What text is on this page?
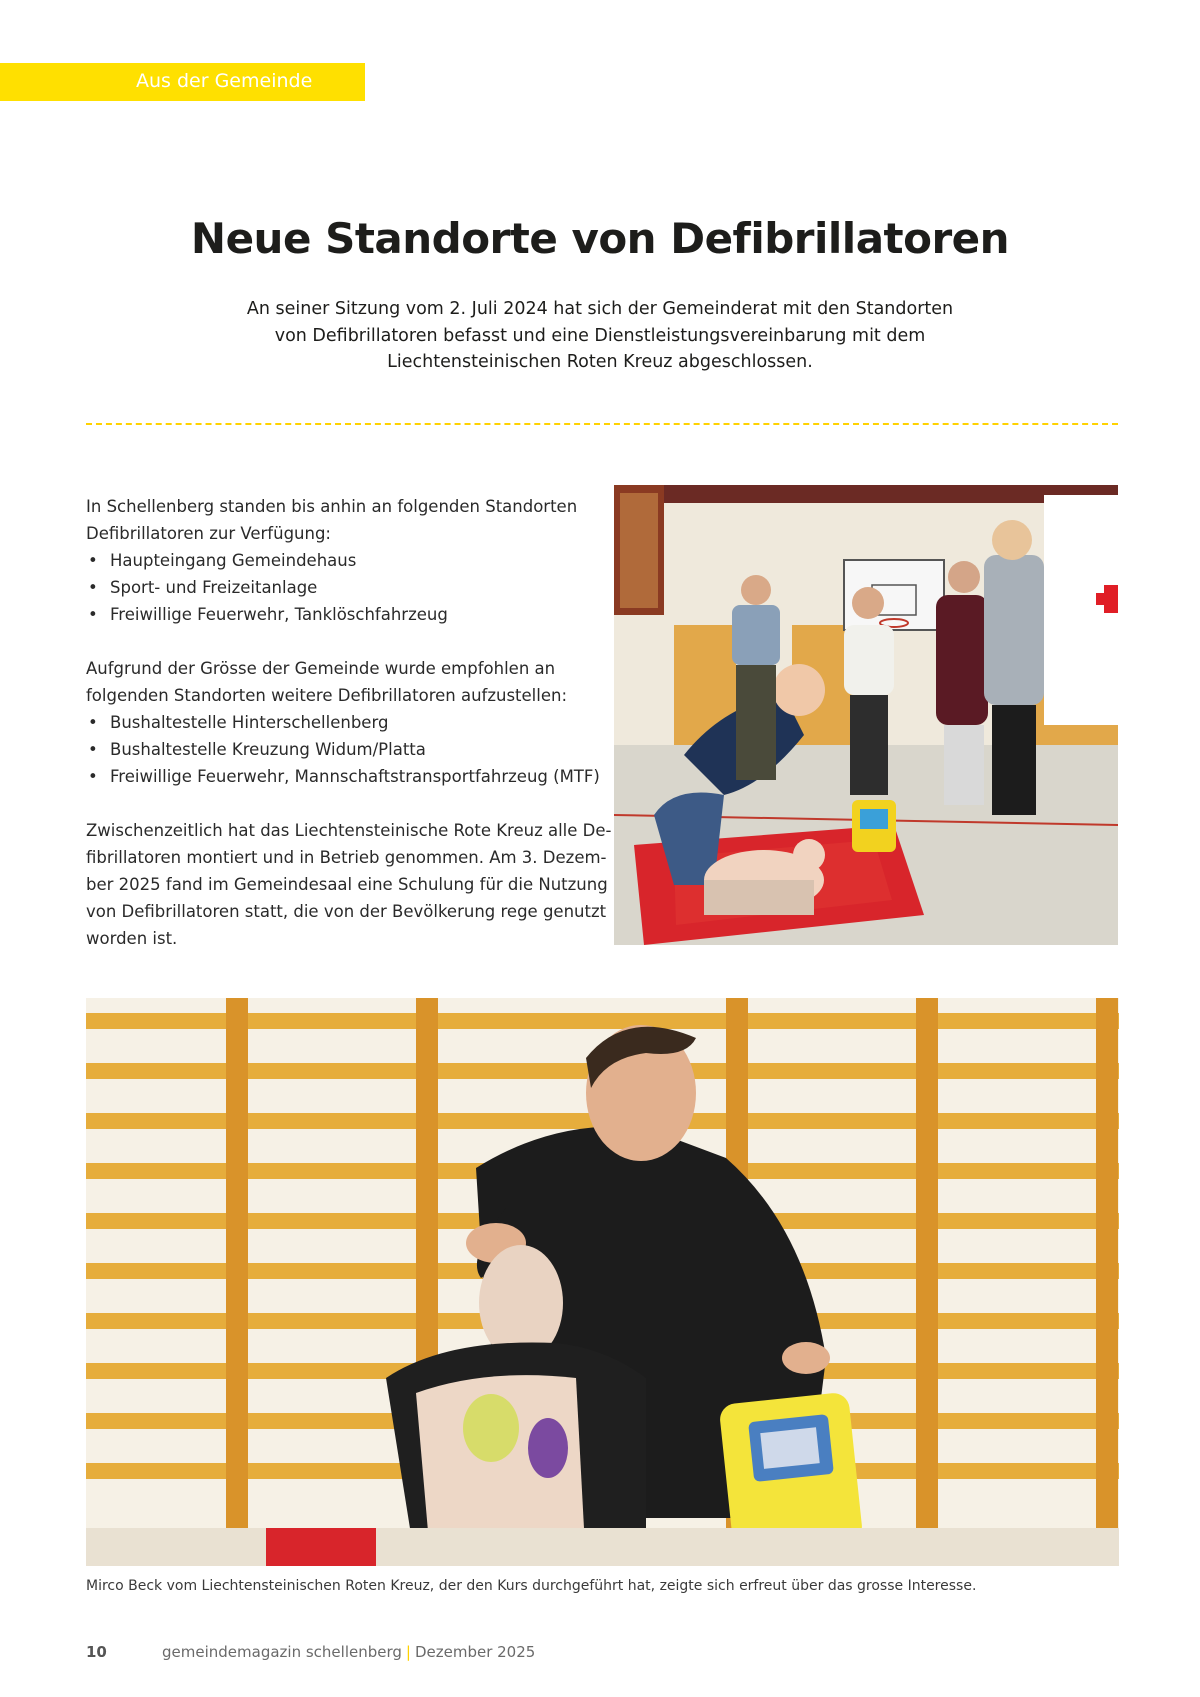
Aus der Gemeinde
Neue Standorte von Defibrillatoren

An seiner Sitzung vom 2. Juli 2024 hat sich der Gemeinderat mit den Standorten
von Defibrillatoren befasst und eine Dienstleistungsvereinbarung mit dem
Liechtensteinischen Roten Kreuz abgeschlossen.

In Schellenberg standen bis anhin an folgenden Standorten

Defibrillatoren zur Verfügung:

• Haupteingang Gemeindehaus
• Sport- und Freizeitanlage
• Freiwillige Feuerwehr, Tanklöschfahrzeug

Aufgrund der Grösse der Gemeinde wurde empfohlen an

folgenden Standorten weitere Defibrillatoren aufzustellen:

• Bushaltestelle Hinterschellenberg
• Bushaltestelle Kreuzung Widum/Platta
• Freiwillige Feuerwehr, Mannschaftstransportfahrzeug (MTF)

Zwischenzeitlich hat das Liechtensteinische Rote Kreuz alle De-

fibrillatoren montiert und in Betrieb genommen. Am 3. Dezem-

ber 2025 fand im Gemeindesaal eine Schulung für die Nutzung

von Defibrillatoren statt, die von der Bevölkerung rege genutzt

worden ist.

Mirco Beck vom Liechtensteinischen Roten Kreuz, der den Kurs durchgeführt hat, zeigte sich erfreut über das grosse Interesse.
10	gemeindemagazin schellenberg | Dezember 2025
